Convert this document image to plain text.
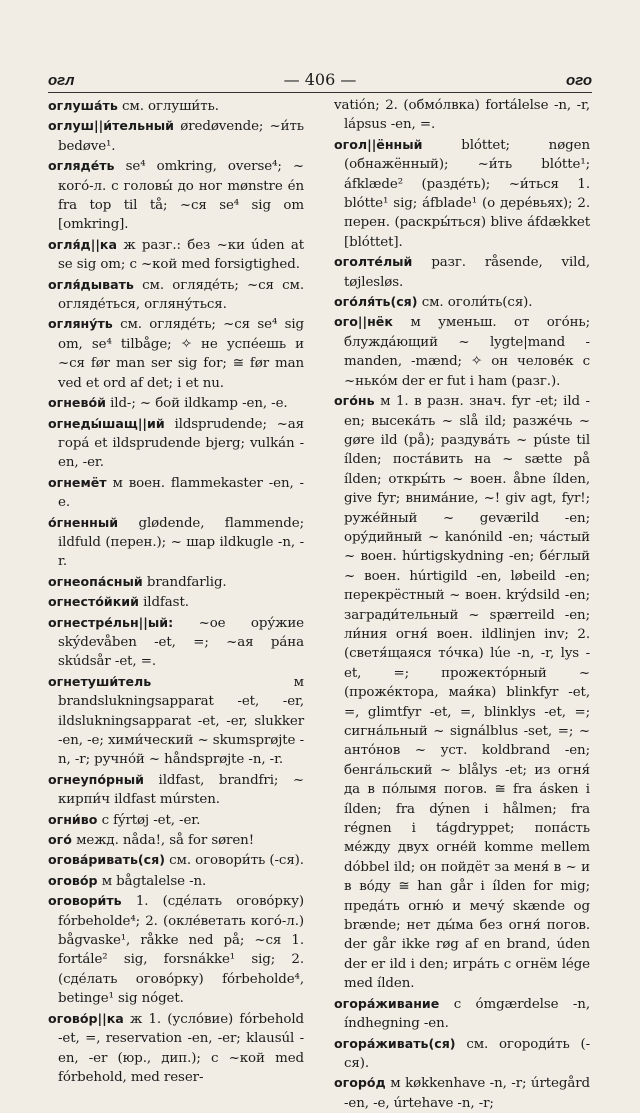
огл	— 406 —	ого

оглуша́ть см. оглуши́ть.

оглуш||и́тельный øredøvende; ~и́ть bedøve¹.

огляде́ть se⁴ omkring, overse⁴; ~ кого́-л. с головы́ до ног mønstre én fra top til tå; ~ся se⁴ sig om [omkring].

огля́д||ка ж разг.: без ~ки úden at se sig om; с ~кой med forsigtighed.

огля́дывать см. огляде́ть; ~ся см. огляде́ться, огляну́ться.

огляну́ть см. огляде́ть; ~ся se⁴ sig om, se⁴ tilbåge; ✧ не успе́ешь и ~ся før man ser sig for; ≅ før man ved et ord af det; i et nu.

огнево́й ild-; ~ бой ildkamp -en, -e.

огнеды́шащ||ий ildsprudende; ~ая гора́ et ildsprudende bjerg; vulkán -en, -er.

огнемёт м воен. flammekaster -en, -e.

о́гненный glødende, flammende; ildfuld (перен.); ~ шар ildkugle -n, -r.

огнеопа́сный brandfarlig.

огнесто́йкий ildfast.

огнестре́льн||ый: ~ое ору́жие skýdevåben -et, =; ~ая ра́на skúdsår -et, =.

огнетуши́тель	м brandslukningsapparat -et, -er, ildslukningsapparat -et, -er, slukker -en, -e; хими́ческий ~ skumsprøjte -n, -r; ручно́й ~ håndsprøjte -n, -r.

огнеупо́рный ildfast, brandfri; ~ кирпи́ч ildfast múrsten.

огни́во с fýrtøj -et, -er.

ого́ межд. nåda!, så for søren!

огова́ривать(ся) см. оговори́ть (-ся).

огово́р м bågtalelse -n.

оговори́ть 1. (сде́лать огово́рку) fórbeholde⁴; 2. (окле́ветать кого́-л.) bågvaske¹, råkke ned på; ~ся 1. fortále² sig, forsnákke¹ sig; 2. (сде́лать огово́рку) fórbeholde⁴, betinge¹ sig nóget.

огово́р||ка ж 1. (усло́вие) fórbehold -et, =, reservation -en, -er; klausúl -en, -er (юр., дип.); с ~кой med fórbehold, med reser-

vatión; 2. (обмо́лвка) fortálelse -n, -r, lápsus -en, =.

огол||ённый	blóttet; nøgen (обнажённый); ~и́ть blótte¹; áfklæde² (разде́ть); ~и́ться 1. blótte¹ sig; áfblade¹ (о дере́вьях); 2. перен. (раскры́ться) blive áfdækket [blóttet].

оголте́лый разг. råsende, vild, tøjlesløs.

ого́ля́ть(ся) см. оголи́ть(ся).

ого||нёк м уменьш. от ого́нь; блужда́ющий ~ lygte|mand -manden, -mænd; ✧ он челове́к с ~нько́м der er fut i ham (разг.).

ого́нь м 1. в разн. знач. fyr -et; ild -en; высека́ть ~ slå ild; разже́чь ~ gøre ild (på); раздува́ть ~ púste til ílden; поста́вить на ~ sætte på ílden; откры́ть ~ воен. åbne ílden, give fyr; внима́ние, ~! giv agt, fyr!; руже́йный ~ geværild -en; ору́дийный ~ kanónild -en; ча́стый ~ воен. húrtigskydning -en; бе́глый ~ воен. húrtigild -en, løbeild -en; перекрёстный ~ воен. krýdsild -en; загради́тельный ~ spærreild -en; ли́ния огня́ воен. ildlinjen inv; 2. (светя́щаяся то́чка) lúe -n, -r, lys -et, =; прожекто́рный ~ (проже́ктора, мая́ка) blinkfyr -et, =, glimtfyr -et, =, blinklys -et, =; сигна́льный ~ signálblus -set, =; ~ анто́нов ~ уст. koldbrand -en; бенга́льский ~ blålys -et; из огня́ да в по́лымя погов. ≅ fra ásken i ílden; fra dýnen i hålmen; fra régnen i tágdryppet; попа́сть ме́жду двух огне́й komme mellem dóbbel ild; он пойдёт за меня́ в ~ и в во́ду ≅ han går i ílden for mig; преда́ть огню́ и мечу́ skænde og brænde; нет ды́ма без огня́ погов. der går ikke røg af en brand, úden der er ild i den; игра́ть с огнём lége med ílden.

огора́живание с ómgærdelse -n, índhegning -en.

огора́живать(ся) см. огороди́ть (-ся).

огоро́д м køkkenhave -n, -r; úrtegård -en, -e, úrtehave -n, -r;
